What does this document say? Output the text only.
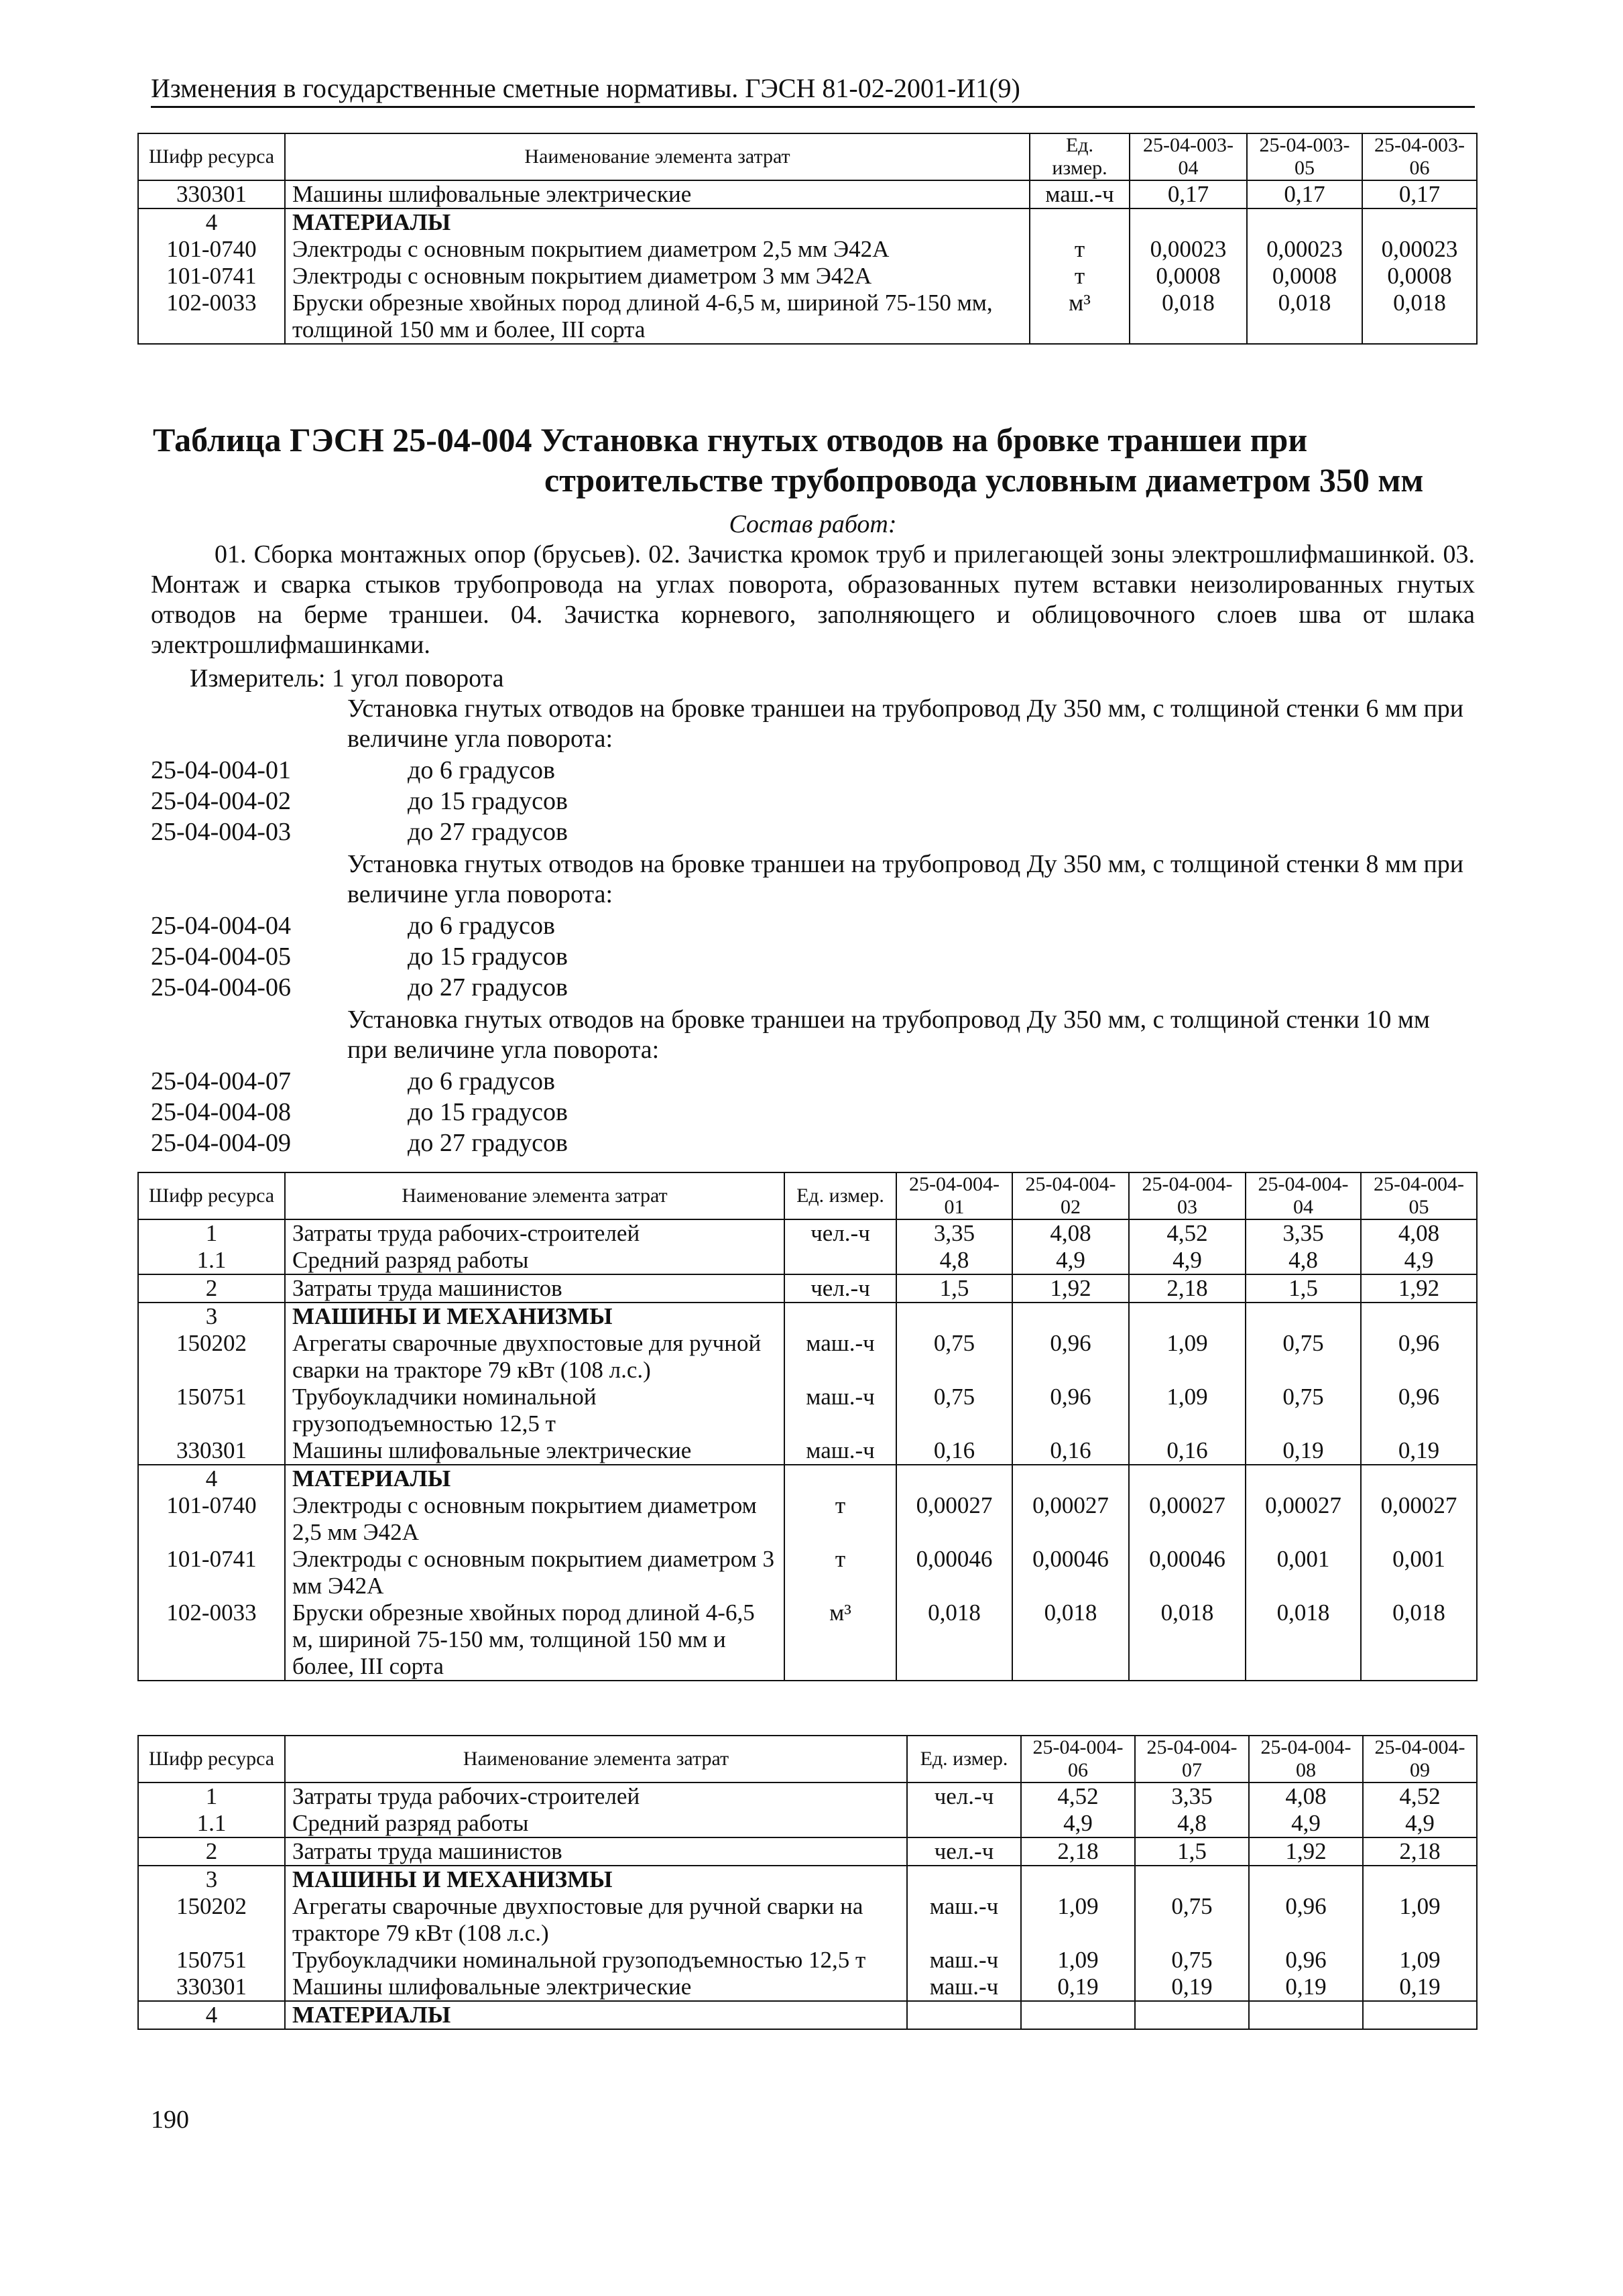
Изменения в государственные сметные нормативы. ГЭСН 81-02-2001-И1(9)
Шифр ресурса	Наименование элемента затрат	Ед. измер.	25-04-003-04	25-04-003-05	25-04-003-06
330301	Машины шлифовальные электрические	маш.-ч	0,17	0,17	0,17
4	МАТЕРИАЛЫ				
101-0740	Электроды с основным покрытием диаметром 2,5 мм Э42А	т	0,00023	0,00023	0,00023
101-0741	Электроды с основным покрытием диаметром 3 мм Э42А	т	0,0008	0,0008	0,0008
102-0033	Бруски обрезные хвойных пород длиной 4-6,5 м, шириной 75-150 мм, толщиной 150 мм и более, III сорта	м³	0,018	0,018	0,018
Таблица ГЭСН 25-04-004 Установка гнутых отводов на бровке траншеи при
строительстве трубопровода условным диаметром 350 мм
Состав работ:
01. Сборка монтажных опор (брусьев). 02. Зачистка кромок труб и прилегающей зоны электрошлифмашинкой. 03. Монтаж и сварка стыков трубопровода на углах поворота, образованных путем вставки неизолированных гнутых отводов на берме траншеи. 04. Зачистка корневого, заполняющего и облицовочного слоев шва от шлака электрошлифмашинками.
Измеритель: 1 угол поворота
Установка гнутых отводов на бровке траншеи на трубопровод Ду 350 мм, с толщиной стенки 6 мм при величине угла поворота:
25-04-004-01	до 6 градусов
25-04-004-02	до 15 градусов
25-04-004-03	до 27 градусов
Установка гнутых отводов на бровке траншеи на трубопровод Ду 350 мм, с толщиной стенки 8 мм при величине угла поворота:
25-04-004-04	до 6 градусов
25-04-004-05	до 15 градусов
25-04-004-06	до 27 градусов
Установка гнутых отводов на бровке траншеи на трубопровод Ду 350 мм, с толщиной стенки 10 мм при величине угла поворота:
25-04-004-07	до 6 градусов
25-04-004-08	до 15 градусов
25-04-004-09	до 27 градусов
Шифр ресурса	Наименование элемента затрат	Ед. измер.	25-04-004-01	25-04-004-02	25-04-004-03	25-04-004-04	25-04-004-05
1	Затраты труда рабочих-строителей	чел.-ч	3,35	4,08	4,52	3,35	4,08
1.1	Средний разряд работы		4,8	4,9	4,9	4,8	4,9
2	Затраты труда машинистов	чел.-ч	1,5	1,92	2,18	1,5	1,92
3	МАШИНЫ И МЕХАНИЗМЫ						
150202	Агрегаты сварочные двухпостовые для ручной сварки на тракторе 79 кВт (108 л.с.)	маш.-ч	0,75	0,96	1,09	0,75	0,96
150751	Трубоукладчики номинальной грузоподъемностью 12,5 т	маш.-ч	0,75	0,96	1,09	0,75	0,96
330301	Машины шлифовальные электрические	маш.-ч	0,16	0,16	0,16	0,19	0,19
4	МАТЕРИАЛЫ						
101-0740	Электроды с основным покрытием диаметром 2,5 мм Э42А	т	0,00027	0,00027	0,00027	0,00027	0,00027
101-0741	Электроды с основным покрытием диаметром 3 мм Э42А	т	0,00046	0,00046	0,00046	0,001	0,001
102-0033	Бруски обрезные хвойных пород длиной 4-6,5 м, шириной 75-150 мм, толщиной 150 мм и более, III сорта	м³	0,018	0,018	0,018	0,018	0,018
Шифр ресурса	Наименование элемента затрат	Ед. измер.	25-04-004-06	25-04-004-07	25-04-004-08	25-04-004-09
1	Затраты труда рабочих-строителей	чел.-ч	4,52	3,35	4,08	4,52
1.1	Средний разряд работы		4,9	4,8	4,9	4,9
2	Затраты труда машинистов	чел.-ч	2,18	1,5	1,92	2,18
3	МАШИНЫ И МЕХАНИЗМЫ					
150202	Агрегаты сварочные двухпостовые для ручной сварки на тракторе 79 кВт (108 л.с.)	маш.-ч	1,09	0,75	0,96	1,09
150751	Трубоукладчики номинальной грузоподъемностью 12,5 т	маш.-ч	1,09	0,75	0,96	1,09
330301	Машины шлифовальные электрические	маш.-ч	0,19	0,19	0,19	0,19
4	МАТЕРИАЛЫ					
190
